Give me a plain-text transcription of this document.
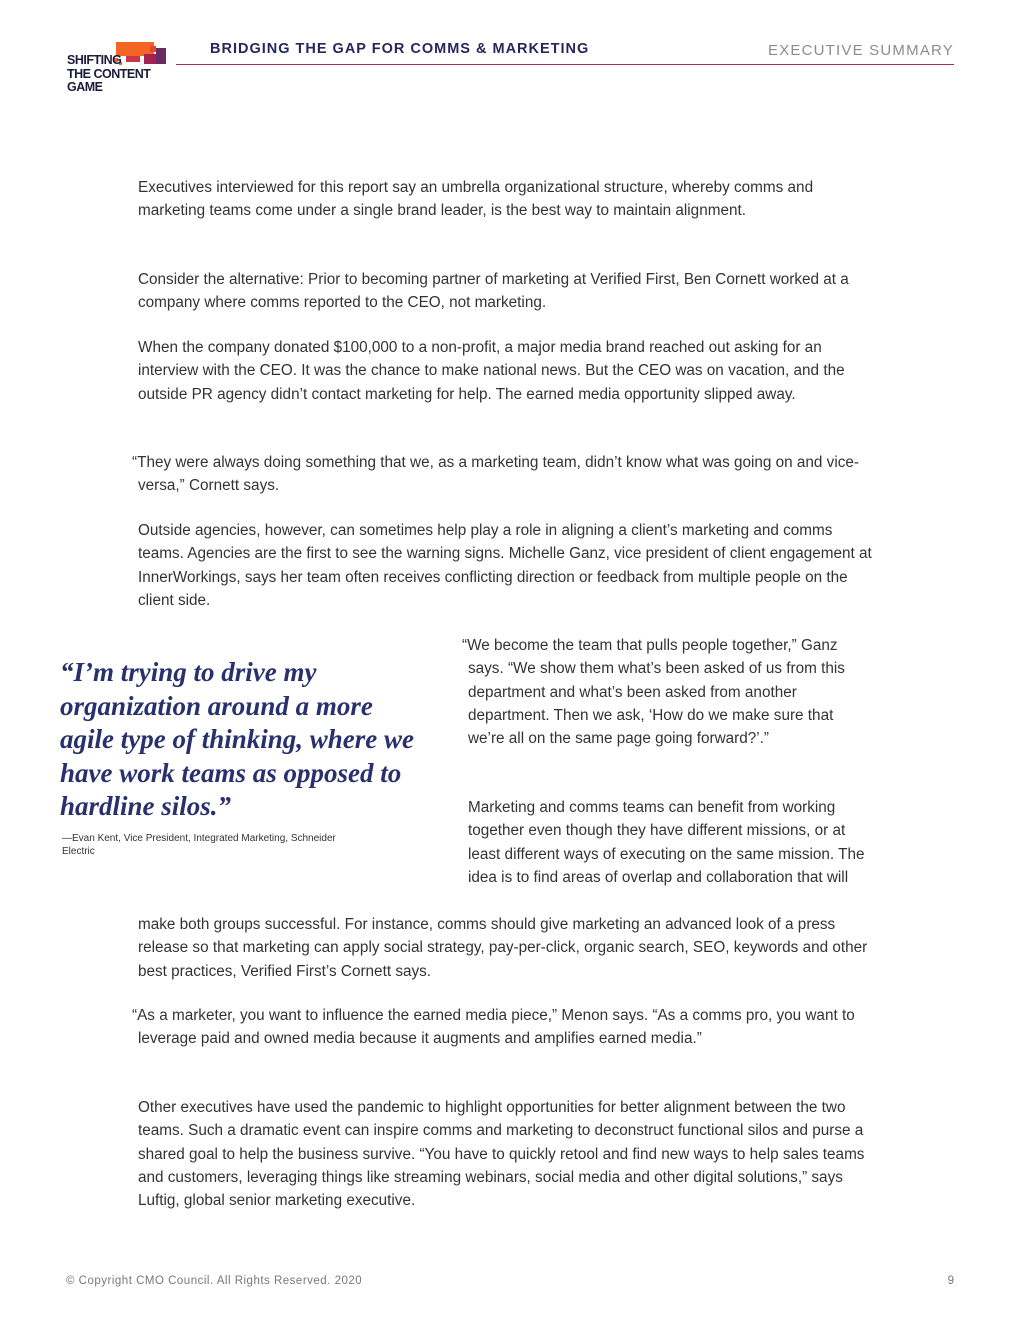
SHIFTING
THE CONTENT GAME
BRIDGING THE GAP FOR COMMS & MARKETING	EXECUTIVE SUMMARY

Executives interviewed for this report say an umbrella organizational structure, whereby comms and marketing teams come under a single brand leader, is the best way to maintain alignment.

Consider the alternative: Prior to becoming partner of marketing at Verified First, Ben Cornett worked at a company where comms reported to the CEO, not marketing.

When the company donated $100,000 to a non-profit, a major media brand reached out asking for an interview with the CEO. It was the chance to make national news. But the CEO was on vacation, and the outside PR agency didn’t contact marketing for help. The earned media opportunity slipped away.

“They were always doing something that we, as a marketing team, didn’t know what was going on and vice-versa,” Cornett says.

Outside agencies, however, can sometimes help play a role in aligning a client’s marketing and comms teams. Agencies are the first to see the warning signs. Michelle Ganz, vice president of client engagement at InnerWorkings, says her team often receives conflicting direction or feedback from multiple people on the client side.

“I’m trying to drive my organization around a more agile type of thinking, where we have work teams as opposed to hardline silos.”

—Evan Kent, Vice President, Integrated Marketing, Schneider Electric

“We become the team that pulls people together,” Ganz says. “We show them what’s been asked of us from this department and what’s been asked from another department. Then we ask, ‘How do we make sure that we’re all on the same page going forward?’.”

Marketing and comms teams can benefit from working together even though they have different missions, or at least different ways of executing on the same mission. The idea is to find areas of overlap and collaboration that will

make both groups successful. For instance, comms should give marketing an advanced look of a press release so that marketing can apply social strategy, pay-per-click, organic search, SEO, keywords and other best practices, Verified First’s Cornett says.

“As a marketer, you want to influence the earned media piece,” Menon says. “As a comms pro, you want to leverage paid and owned media because it augments and amplifies earned media.”

Other executives have used the pandemic to highlight opportunities for better alignment between the two teams. Such a dramatic event can inspire comms and marketing to deconstruct functional silos and purse a shared goal to help the business survive. “You have to quickly retool and find new ways to help sales teams and customers, leveraging things like streaming webinars, social media and other digital solutions,” says Luftig, global senior marketing executive.

© Copyright CMO Council. All Rights Reserved. 2020	9
